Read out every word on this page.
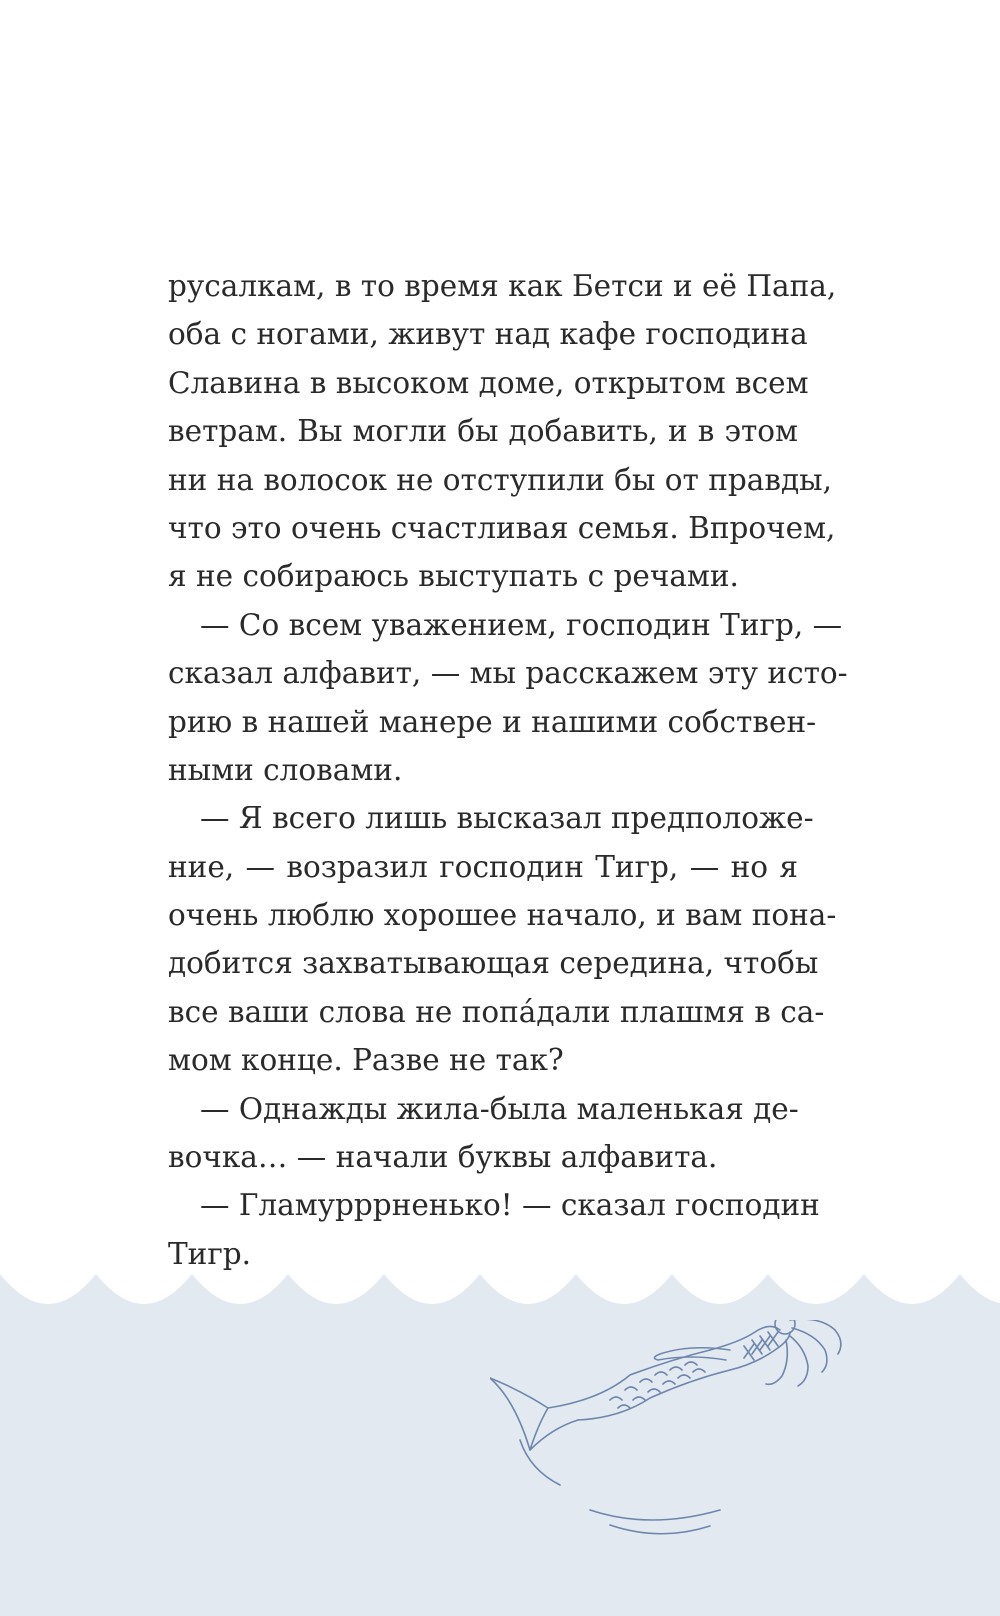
русалкам, в то время как Бетси и её Папа,
оба с ногами, живут над кафе господина
Славина в высоком доме, открытом всем
ветрам. Вы могли бы добавить, и в этом
ни на волосок не отступили бы от правды,
что это очень счастливая семья. Впрочем,
я не собираюсь выступать с речами.
— Со всем уважением, господин Тигр, —
сказал алфавит, — мы расскажем эту исто-
рию в нашей манере и нашими собствен-
ными словами.
— Я всего лишь высказал предположе-
ние, — возразил господин Тигр, — но я
очень люблю хорошее начало, и вам пона-
добится захватывающая середина, чтобы
все ваши слова не попа́дали плашмя в са-
мом конце. Разве не так?
— Однажды жила-была маленькая де-
вочка… — начали буквы алфавита.
— Гламурррненько! — сказал господин
Тигр.
